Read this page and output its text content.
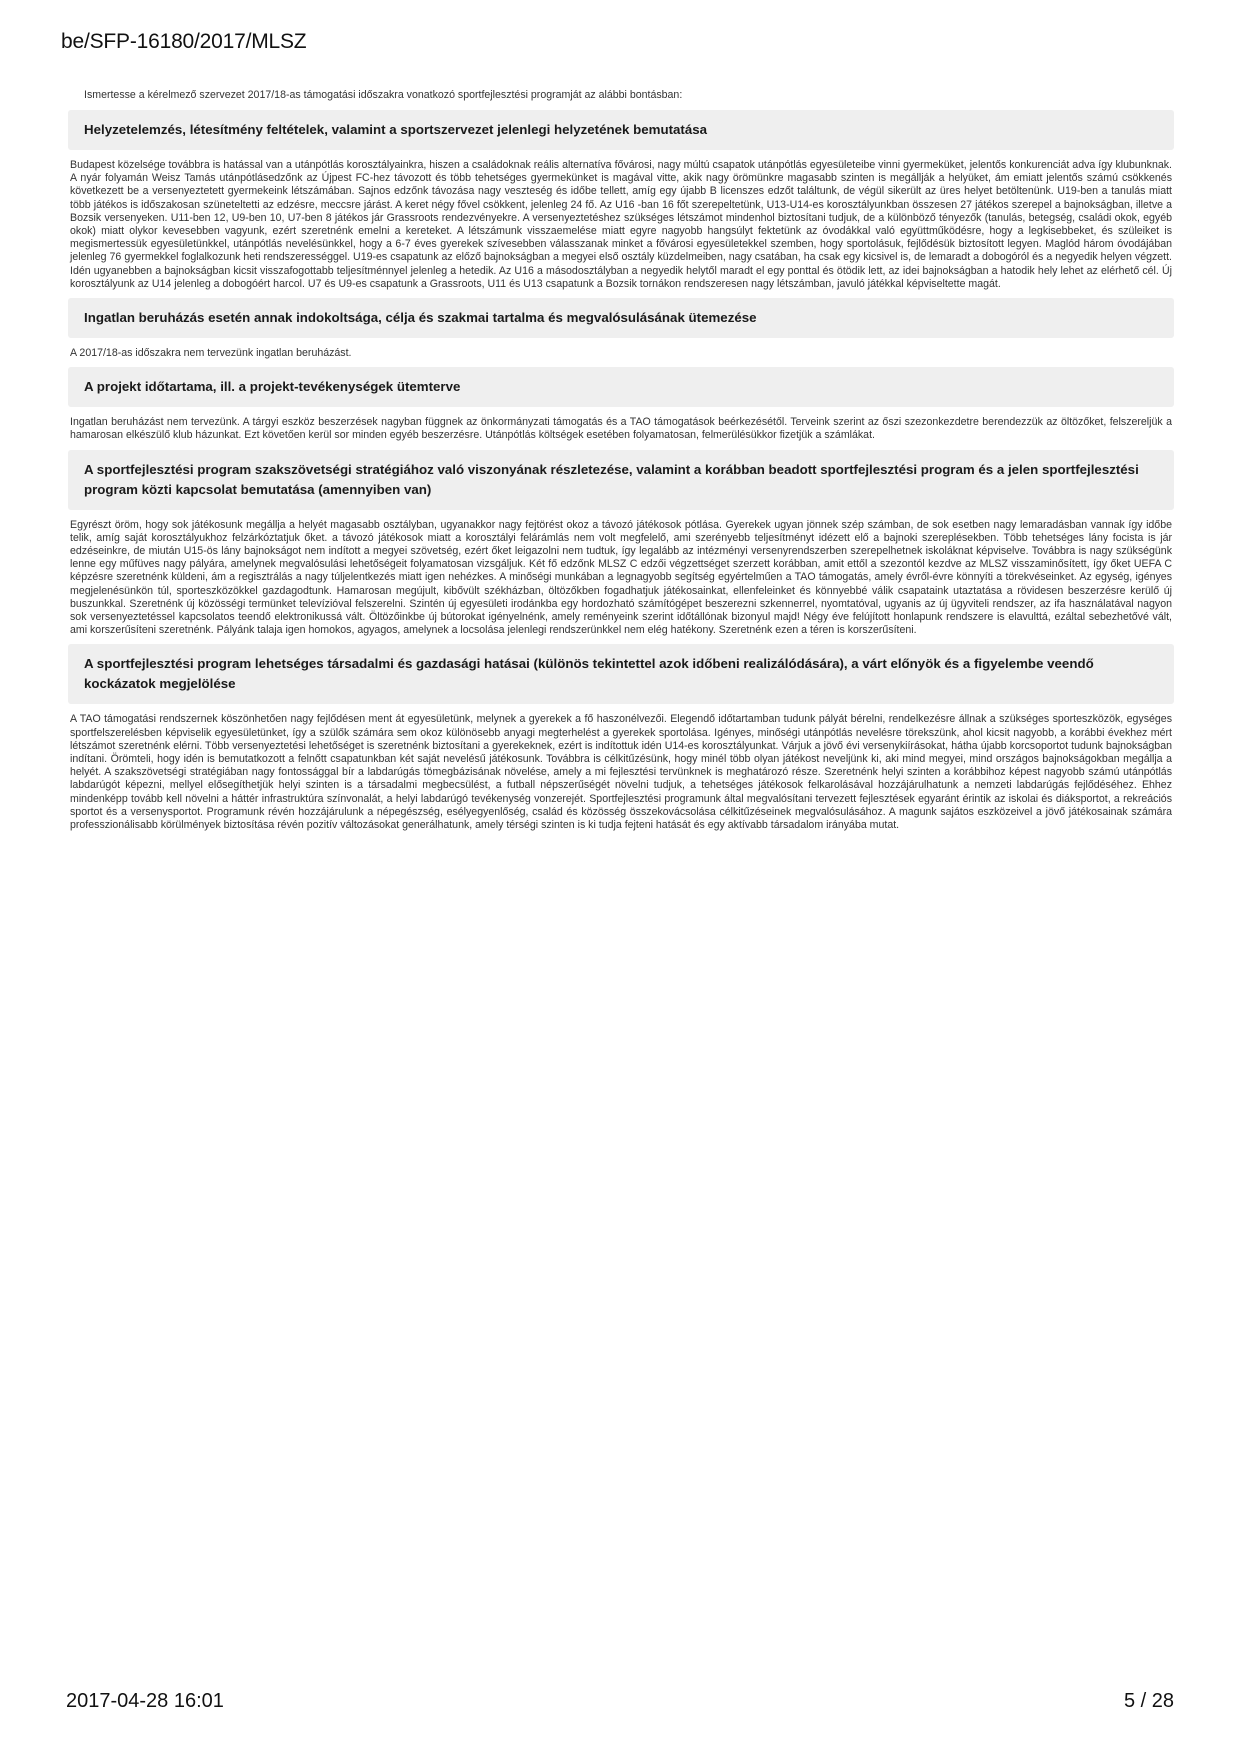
be/SFP-16180/2017/MLSZ
Ismertesse a kérelmező szervezet 2017/18-as támogatási időszakra vonatkozó sportfejlesztési programját az alábbi bontásban:
Helyzetelemzés, létesítmény feltételek, valamint a sportszervezet jelenlegi helyzetének bemutatása
Budapest közelsége továbbra is hatással van a utánpótlás korosztályainkra, hiszen a családoknak reális alternatíva fővárosi, nagy múltú csapatok utánpótlás egyesületeibe vinni gyermeküket, jelentős konkurenciát adva így klubunknak. A nyár folyamán Weisz Tamás utánpótlásedzőnk az Újpest FC-hez távozott és több tehetséges gyermekünket is magával vitte, akik nagy örömünkre magasabb szinten is megállják a helyüket, ám emiatt jelentős számú csökkenés következett be a versenyeztetett gyermekeink létszámában. Sajnos edzőnk távozása nagy veszteség és időbe tellett, amíg egy újabb B licenszes edzőt találtunk, de végül sikerült az üres helyet betöltenünk. U19-ben a tanulás miatt több játékos is időszakosan szüneteltetti az edzésre, meccsre járást. A keret négy fővel csökkent, jelenleg 24 fő. Az U16 -ban 16 főt szerepeltetünk, U13-U14-es korosztályunkban összesen 27 játékos szerepel a bajnokságban, illetve a Bozsik versenyeken. U11-ben 12, U9-ben 10, U7-ben 8 játékos jár Grassroots rendezvényekre. A versenyeztetéshez szükséges létszámot mindenhol biztosítani tudjuk, de a különböző tényezők (tanulás, betegség, családi okok, egyéb okok) miatt olykor kevesebben vagyunk, ezért szeretnénk emelni a kereteket. A létszámunk visszaemelése miatt egyre nagyobb hangsúlyt fektetünk az óvodákkal való együttműködésre, hogy a legkisebbeket, és szüleiket is megismertessük egyesületünkkel, utánpótlás nevelésünkkel, hogy a 6-7 éves gyerekek szívesebben válasszanak minket a fővárosi egyesületekkel szemben, hogy sportolásuk, fejlődésük biztosított legyen. Maglód három óvodájában jelenleg 76 gyermekkel foglalkozunk heti rendszerességgel. U19-es csapatunk az előző bajnokságban a megyei első osztály küzdelmeiben, nagy csatában, ha csak egy kicsivel is, de lemaradt a dobogóról és a negyedik helyen végzett. Idén ugyanebben a bajnokságban kicsit visszafogottabb teljesítménnyel jelenleg a hetedik. Az U16 a másodosztályban a negyedik helytől maradt el egy ponttal és ötödik lett, az idei bajnokságban a hatodik hely lehet az elérhető cél. Új korosztályunk az U14 jelenleg a dobogóért harcol. U7 és U9-es csapatunk a Grassroots, U11 és U13 csapatunk a Bozsik tornákon rendszeresen nagy létszámban, javuló játékkal képviseltette magát.
Ingatlan beruházás esetén annak indokoltsága, célja és szakmai tartalma és megvalósulásának ütemezése
A 2017/18-as időszakra nem tervezünk ingatlan beruházást.
A projekt időtartama, ill. a projekt-tevékenységek ütemterve
Ingatlan beruházást nem tervezünk. A tárgyi eszköz beszerzések nagyban függnek az önkormányzati támogatás és a TAO támogatások beérkezésétől. Terveink szerint az őszi szezonkezdetre berendezzük az öltözőket, felszereljük a hamarosan elkészülő klub házunkat. Ezt követően kerül sor minden egyéb beszerzésre. Utánpótlás költségek esetében folyamatosan, felmerülésükkor fizetjük a számlákat.
A sportfejlesztési program szakszövetségi stratégiához való viszonyának részletezése, valamint a korábban beadott sportfejlesztési program és a jelen sportfejlesztési program közti kapcsolat bemutatása (amennyiben van)
Egyrészt öröm, hogy sok játékosunk megállja a helyét magasabb osztályban, ugyanakkor nagy fejtörést okoz a távozó játékosok pótlása. Gyerekek ugyan jönnek szép számban, de sok esetben nagy lemaradásban vannak így időbe telik, amíg saját korosztályukhoz felzárkóztatjuk őket. a távozó játékosok miatt a korosztályi felárámlás nem volt megfelelő, ami szerényebb teljesítményt idézett elő a bajnoki szereplésekben. Több tehetséges lány focista is jár edzéseinkre, de miután U15-ös lány bajnokságot nem indított a megyei szövetség, ezért őket leigazolni nem tudtuk, így legalább az intézményi versenyrendszerben szerepelhetnek iskoláknat képviselve. Továbbra is nagy szükségünk lenne egy műfüves nagy pályára, amelynek megvalósulási lehetőségeit folyamatosan vizsgáljuk. Két fő edzőnk MLSZ C edzői végzettséget szerzett korábban, amit ettől a szezontól kezdve az MLSZ visszaminősített, így őket UEFA C képzésre szeretnénk küldeni, ám a regisztrálás a nagy túljelentkezés miatt igen nehézkes. A minőségi munkában a legnagyobb segítség egyértelműen a TAO támogatás, amely évről-évre könnyíti a törekvéseinket. Az egység, igényes megjelenésünkön túl, sporteszközökkel gazdagodtunk. Hamarosan megújult, kibővült székházban, öltözőkben fogadhatjuk játékosainkat, ellenfeleinket és könnyebbé válik csapataink utaztatása a rövidesen beszerzésre kerülő új buszunkkal. Szeretnénk új közösségi termünket televízióval felszerelni. Szintén új egyesületi irodánkba egy hordozható számítógépet beszerezni szkennerrel, nyomtatóval, ugyanis az új ügyviteli rendszer, az ifa használatával nagyon sok versenyeztetéssel kapcsolatos teendő elektronikussá vált. Öltözőinkbe új bútorokat igényelnénk, amely reményeink szerint időtállónak bizonyul majd! Négy éve felújított honlapunk rendszere is elavulttá, ezáltal sebezhetővé vált, ami korszerűsíteni szeretnénk. Pályánk talaja igen homokos, agyagos, amelynek a locsolása jelenlegi rendszerünkkel nem elég hatékony. Szeretnénk ezen a téren is korszerűsíteni.
A sportfejlesztési program lehetséges társadalmi és gazdasági hatásai (különös tekintettel azok időbeni realizálódására), a várt előnyök és a figyelembe veendő kockázatok megjelölése
A TAO támogatási rendszernek köszönhetően nagy fejlődésen ment át egyesületünk, melynek a gyerekek a fő haszonélvezői. Elegendő időtartamban tudunk pályát bérelni, rendelkezésre állnak a szükséges sporteszközök, egységes sportfelszerelésben képviselik egyesületünket, így a szülők számára sem okoz különösebb anyagi megterhelést a gyerekek sportolása. Igényes, minőségi utánpótlás nevelésre törekszünk, ahol kicsit nagyobb, a korábbi évekhez mért létszámot szeretnénk elérni. Több versenyeztetési lehetőséget is szeretnénk biztosítani a gyerekeknek, ezért is indítottuk idén U14-es korosztályunkat. Várjuk a jövő évi versenykiírásokat, hátha újabb korcsoportot tudunk bajnokságban indítani. Örömteli, hogy idén is bemutatkozott a felnőtt csapatunkban két saját nevelésű játékosunk. Továbbra is célkitűzésünk, hogy minél több olyan játékost neveljünk ki, aki mind megyei, mind országos bajnokságokban megállja a helyét. A szakszövetségi stratégiában nagy fontossággal bír a labdarúgás tömegbázisának növelése, amely a mi fejlesztési tervünknek is meghatározó része. Szeretnénk helyi szinten a korábbihoz képest nagyobb számú utánpótlás labdarúgót képezni, mellyel elősegíthetjük helyi szinten is a társadalmi megbecsülést, a futball népszerűségét növelni tudjuk, a tehetséges játékosok felkarolásával hozzájárulhatunk a nemzeti labdarúgás fejlődéséhez. Ehhez mindenképp tovább kell növelni a háttér infrastruktúra színvonalát, a helyi labdarúgó tevékenység vonzerejét. Sportfejlesztési programunk által megvalósítani tervezett fejlesztések egyaránt érintik az iskolai és diáksportot, a rekreációs sportot és a versenysportot. Programunk révén hozzájárulunk a népegészség, esélyegyenlőség, család és közösség összekovácsolása célkitűzéseinek megvalósulásához. A magunk sajátos eszközeivel a jövő játékosainak számára professzionálisabb körülmények biztosítása révén pozitív változásokat generálhatunk, amely térségi szinten is ki tudja fejteni hatását és egy aktívabb társadalom irányába mutat.
2017-04-28 16:01	5 / 28
